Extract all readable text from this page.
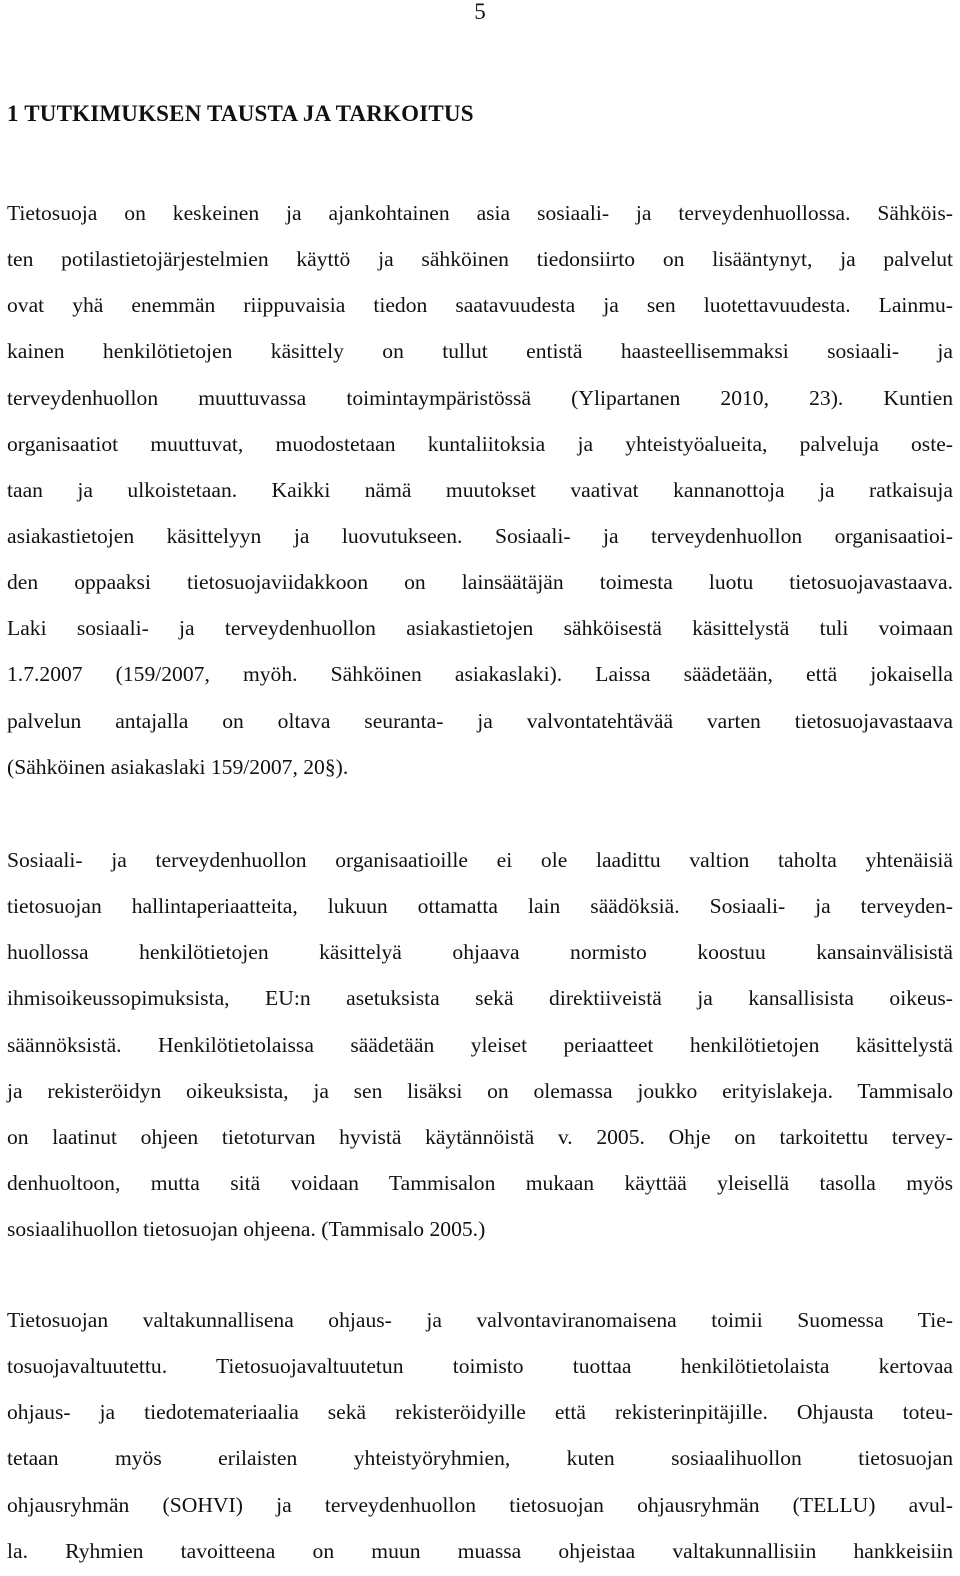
5
1 TUTKIMUKSEN TAUSTA JA TARKOITUS
Tietosuoja on keskeinen ja ajankohtainen asia sosiaali- ja terveydenhuollossa. Sähköis-
ten potilastietojärjestelmien käyttö ja sähköinen tiedonsiirto on lisääntynyt, ja palvelut
ovat yhä enemmän riippuvaisia tiedon saatavuudesta ja sen luotettavuudesta. Lainmu-
kainen henkilötietojen käsittely on tullut entistä haasteellisemmaksi sosiaali- ja
terveydenhuollon muuttuvassa toimintaympäristössä (Ylipartanen 2010, 23). Kuntien
organisaatiot muuttuvat, muodostetaan kuntaliitoksia ja yhteistyöalueita, palveluja oste-
taan ja ulkoistetaan. Kaikki nämä muutokset vaativat kannanottoja ja ratkaisuja
asiakastietojen käsittelyyn ja luovutukseen. Sosiaali- ja terveydenhuollon organisaatioi-
den oppaaksi tietosuojaviidakkoon on lainsäätäjän toimesta luotu tietosuojavastaava.
Laki sosiaali- ja terveydenhuollon asiakastietojen sähköisestä käsittelystä tuli voimaan
1.7.2007 (159/2007, myöh. Sähköinen asiakaslaki). Laissa säädetään, että jokaisella
palvelun antajalla on oltava seuranta- ja valvontatehtävää varten tietosuojavastaava
(Sähköinen asiakaslaki 159/2007, 20§).
Sosiaali- ja terveydenhuollon organisaatioille ei ole laadittu valtion taholta yhtenäisiä
tietosuojan hallintaperiaatteita, lukuun ottamatta lain säädöksiä. Sosiaali- ja terveyden-
huollossa henkilötietojen käsittelyä ohjaava normisto koostuu kansainvälisistä
ihmisoikeussopimuksista, EU:n asetuksista sekä direktiiveistä ja kansallisista oikeus-
säännöksistä. Henkilötietolaissa säädetään yleiset periaatteet henkilötietojen käsittelystä
ja rekisteröidyn oikeuksista, ja sen lisäksi on olemassa joukko erityislakeja. Tammisalo
on laatinut ohjeen tietoturvan hyvistä käytännöistä v. 2005. Ohje on tarkoitettu tervey-
denhuoltoon, mutta sitä voidaan Tammisalon mukaan käyttää yleisellä tasolla myös
sosiaalihuollon tietosuojan ohjeena. (Tammisalo 2005.)
Tietosuojan valtakunnallisena ohjaus- ja valvontaviranomaisena toimii Suomessa Tie-
tosuojavaltuutettu. Tietosuojavaltuutetun toimisto tuottaa henkilötietolaista kertovaa
ohjaus- ja tiedotemateriaalia sekä rekisteröidyille että rekisterinpitäjille. Ohjausta toteu-
tetaan myös erilaisten yhteistyöryhmien, kuten sosiaalihuollon tietosuojan
ohjausryhmän (SOHVI) ja terveydenhuollon tietosuojan ohjausryhmän (TELLU) avul-
la. Ryhmien tavoitteena on muun muassa ohjeistaa valtakunnallisiin hankkeisiin
